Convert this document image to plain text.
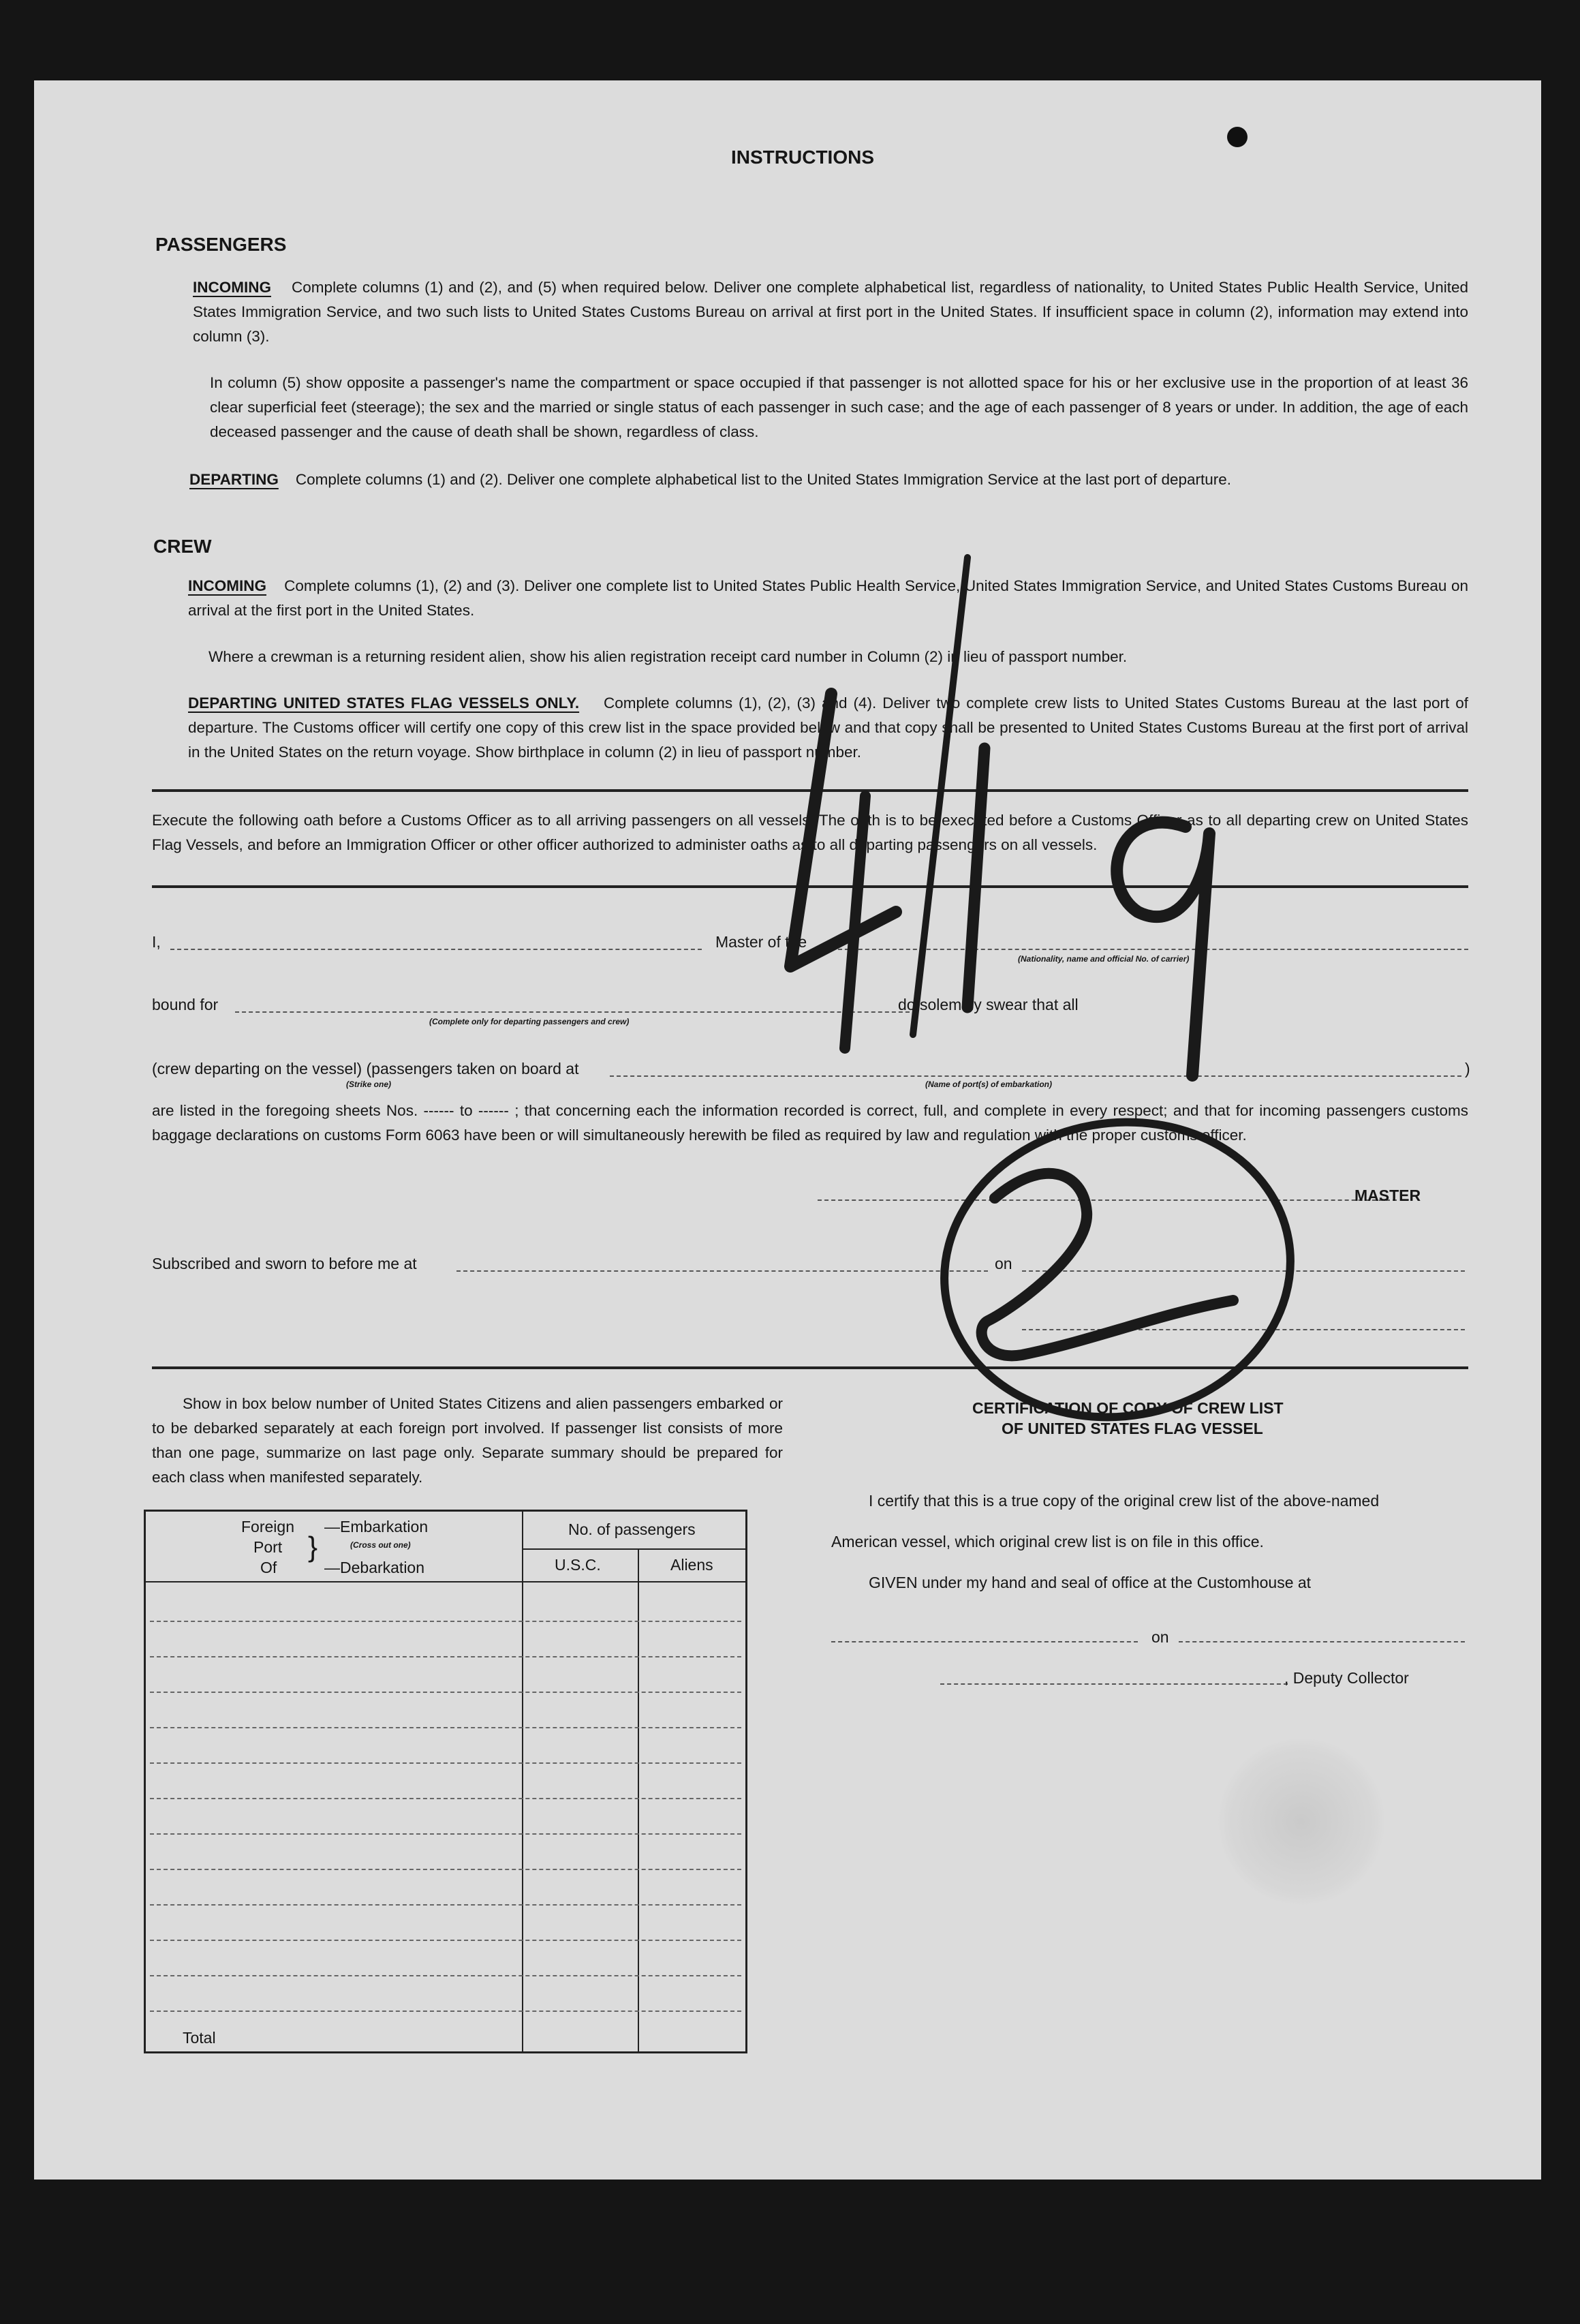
INSTRUCTIONS
PASSENGERS
INCOMING Complete columns (1) and (2), and (5) when required below. Deliver one complete alphabetical list, regardless of nationality, to United States Public Health Service, United States Immigration Service, and two such lists to United States Customs Bureau on arrival at first port in the United States. If insufficient space in column (2), information may extend into column (3).
In column (5) show opposite a passenger's name the compartment or space occupied if that passenger is not allotted space for his or her exclusive use in the proportion of at least 36 clear superficial feet (steerage); the sex and the married or single status of each passenger in such case; and the age of each passenger of 8 years or under. In addition, the age of each deceased passenger and the cause of death shall be shown, regardless of class.
DEPARTING Complete columns (1) and (2). Deliver one complete alphabetical list to the United States Immigration Service at the last port of departure.
CREW
INCOMING Complete columns (1), (2) and (3). Deliver one complete list to United States Public Health Service, United States Immigration Service, and United States Customs Bureau on arrival at the first port in the United States.
Where a crewman is a returning resident alien, show his alien registration receipt card number in Column (2) in lieu of passport number.
DEPARTING UNITED STATES FLAG VESSELS ONLY. Complete columns (1), (2), (3) and (4). Deliver two complete crew lists to United States Customs Bureau at the last port of departure. The Customs officer will certify one copy of this crew list in the space provided below and that copy shall be presented to United States Customs Bureau at the first port of arrival in the United States on the return voyage. Show birthplace in column (2) in lieu of passport number.
Execute the following oath before a Customs Officer as to all arriving passengers on all vessels. The oath is to be executed before a Customs Officer as to all departing crew on United States Flag Vessels, and before an Immigration Officer or other officer authorized to administer oaths as to all departing passengers on all vessels.
I,	Master of the
(Nationality, name and official No. of carrier)
bound for
(Complete only for departing passengers and crew)
do solemnly swear that all
(crew departing on the vessel) (passengers taken on board at	)
(Strike one)	(Name of port(s) of embarkation)
are listed in the foregoing sheets Nos. ------ to ------ ; that concerning each the information recorded is correct, full, and complete in every respect; and that for incoming passengers customs baggage declarations on customs Form 6063 have been or will simultaneously herewith be filed as required by law and regulation with the proper customs officer.
MASTER
Subscribed and sworn to before me at	on
Show in box below number of United States Citizens and alien passengers embarked or to be debarked separately at each foreign port involved. If passenger list consists of more than one page, summarize on last page only. Separate summary should be prepared for each class when manifested separately.
Foreign
Port
Of
}
—Embarkation
(Cross out one)
—Debarkation
No. of passengers
U.S.C.	Aliens
Total
CERTIFICATION OF COPY OF CREW LIST
OF UNITED STATES FLAG VESSEL
I certify that this is a true copy of the original crew list of the above-named
American vessel, which original crew list is on file in this office.
GIVEN under my hand and seal of office at the Customhouse at
on
, Deputy Collector
